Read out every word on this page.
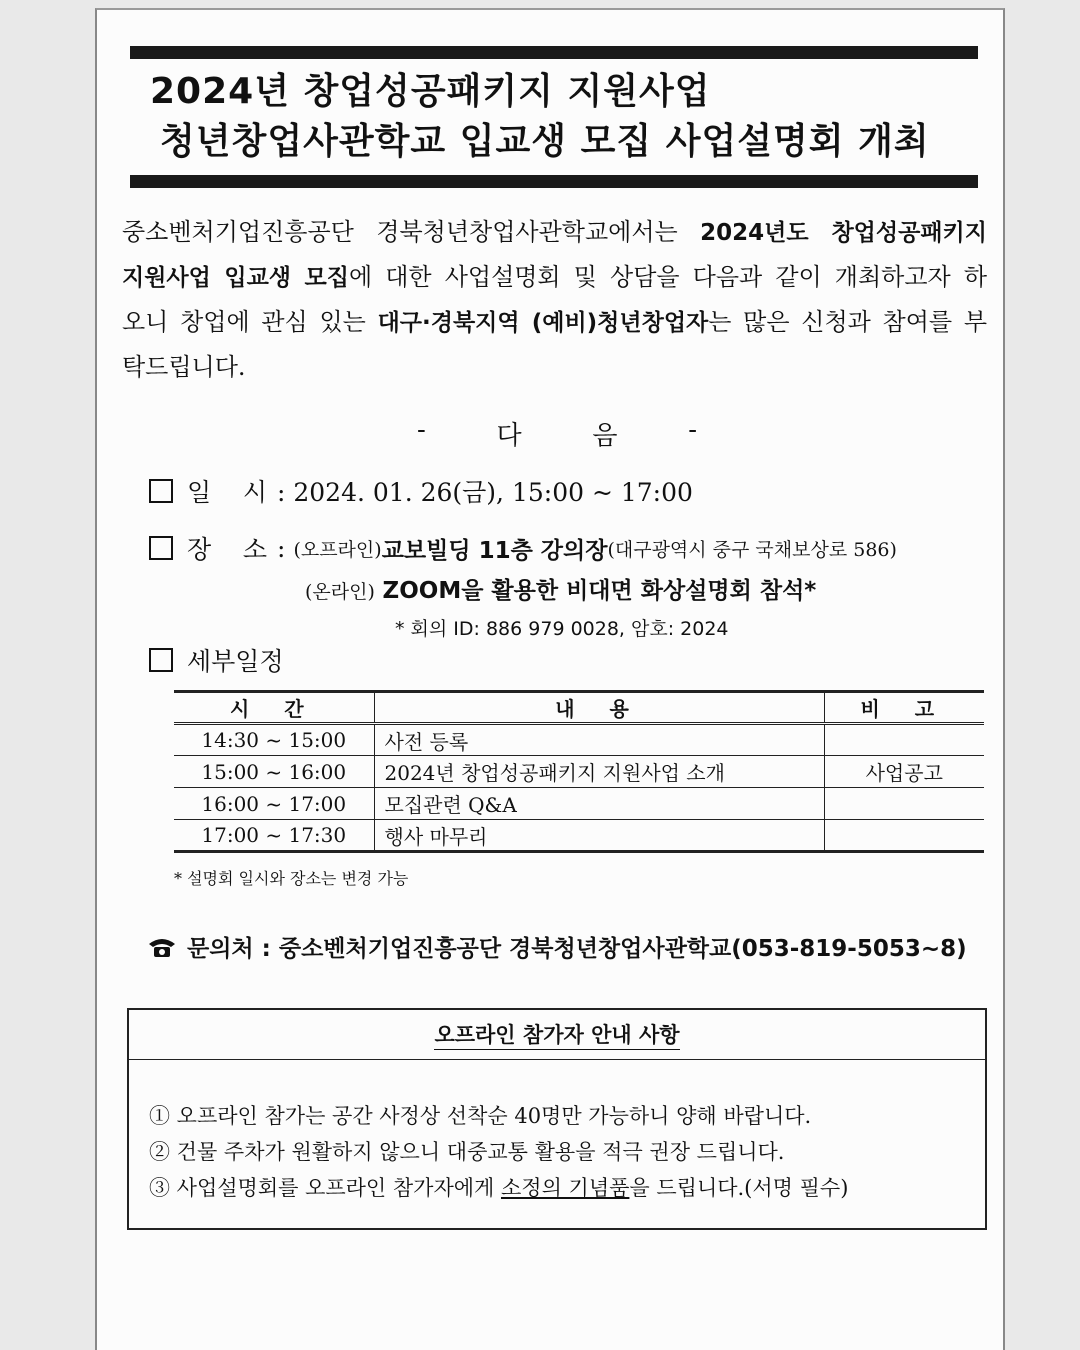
2024년 창업성공패키지 지원사업
청년창업사관학교 입교생 모집 사업설명회 개최

중소벤처기업진흥공단 경북청년창업사관학교에서는 2024년도 창업성공패키지 지원사업 입교생 모집에 대한 사업설명회 및 상담을 다음과 같이 개최하고자 하오니 창업에 관심 있는 대구·경북지역 (예비)청년창업자는 많은 신청과 참여를 부탁드립니다.

-	다	음	-
일 시 : 2024. 01. 26(금), 15:00 ~ 17:00
장 소 : (오프라인) 교보빌딩 11층 강의장 (대구광역시 중구 국채보상로 586)
(온라인) ZOOM을 활용한 비대면 화상설명회 참석*
* 회의 ID: 886 979 0028, 암호: 2024
세부일정
시 간	내 용	비 고
14:30 ~ 15:00	사전 등록	
15:00 ~ 16:00	2024년 창업성공패키지 지원사업 소개	사업공고
16:00 ~ 17:00	모집관련 Q&A	
17:00 ~ 17:30	행사 마무리	
* 설명회 일시와 장소는 변경 가능
문의처 : 중소벤처기업진흥공단 경북청년창업사관학교(053-819-5053~8)
오프라인 참가자 안내 사항
① 오프라인 참가는 공간 사정상 선착순 40명만 가능하니 양해 바랍니다.
② 건물 주차가 원활하지 않으니 대중교통 활용을 적극 권장 드립니다.
③ 사업설명회를 오프라인 참가자에게 소정의 기념품을 드립니다.(서명 필수)
